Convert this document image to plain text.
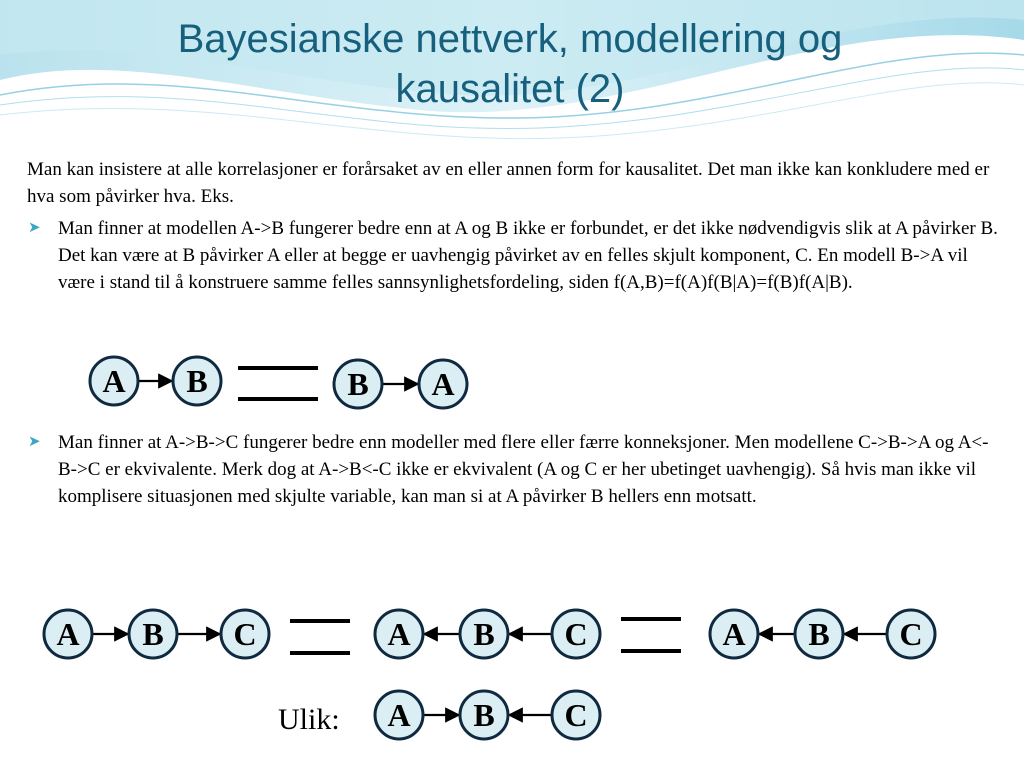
Bayesianske nettverk, modellering og kausalitet (2)

Man kan insistere at alle korrelasjoner er forårsaket av en eller annen form for kausalitet. Det man ikke kan konkludere med er hva som påvirker hva. Eks.

➤ Man finner at modellen A->B fungerer bedre enn at A og B ikke er forbundet, er det ikke nødvendigvis slik at A påvirker B. Det kan være at B påvirker A eller at begge er uavhengig påvirket av en felles skjult komponent, C. En modell B->A vil være i stand til å konstruere samme felles sannsynlighetsfordeling, siden f(A,B)=f(A)f(B|A)=f(B)f(A|B).

➤ Man finner at A->B->C fungerer bedre enn modeller med flere eller færre konneksjoner. Men modellene C->B->A og A<-B->C er ekvivalente. Merk dog at A->B<-C ikke er ekvivalent (A og C er her ubetinget uavhengig). Så hvis man ikke vil komplisere situasjonen med skjulte variable, kan man si at A påvirker B hellers enn motsatt.

A B	B A
A B C	A B C	A B C
A B C
Ulik:
